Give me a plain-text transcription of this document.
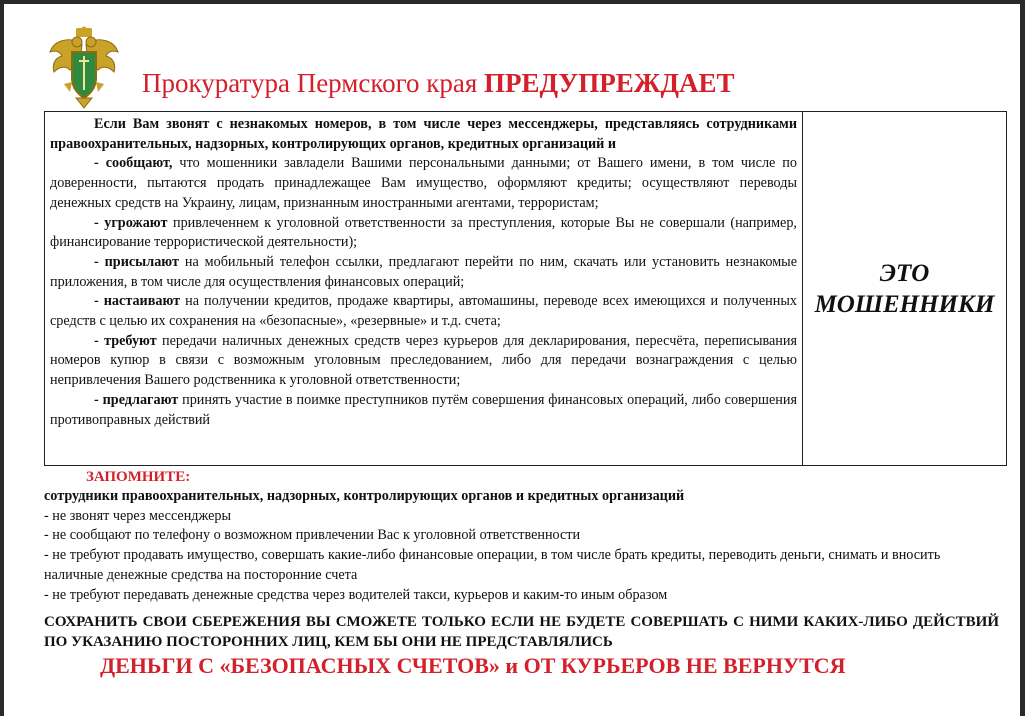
Прокуратура Пермского края ПРЕДУПРЕЖДАЕТ

Если Вам звонят с незнакомых номеров, в том числе через мессенджеры, представляясь сотрудниками правоохранительных, надзорных, контролирующих органов, кредитных организаций и

- сообщают, что мошенники завладели Вашими персональными данными; от Вашего имени, в том числе по доверенности, пытаются продать принадлежащее Вам имущество, оформляют кредиты; осуществляют переводы денежных средств на Украину, лицам, признанным иностранными агентами, террористам;

- угрожают привлеченнем к уголовной ответственности за преступления, которые Вы не совершали (например, финансирование террористической деятельности);

- присылают на мобильный телефон ссылки, предлагают перейти по ним, скачать или установить незнакомые приложения, в том числе для осуществления финансовых операций;

- настаивают на получении кредитов, продаже квартиры, автомашины, переводе всех имеющихся и полученных средств с целью их сохранения на «безопасные», «резервные» и т.д. счета;

- требуют передачи наличных денежных средств через курьеров для декларирования, пересчёта, переписывания номеров купюр в связи с возможным уголовным преследованием, либо для передачи вознаграждения с целью непривлечения Вашего родственника к уголовной ответственности;

- предлагают принять участие в поимке преступников путём совершения финансовых операций, либо совершения противоправных действий

ЭТО
МОШЕННИКИ
ЗАПОМНИТЕ:

сотрудники правоохранительных, надзорных, контролирующих органов и кредитных организаций

- не звонят через мессенджеры

- не сообщают по телефону о возможном привлечении Вас к уголовной ответственности

- не требуют продавать имущество, совершать какие-либо финансовые операции, в том числе брать кредиты, переводить деньги, снимать и вносить наличные денежные средства на посторонние счета

- не требуют передавать денежные средства через водителей такси, курьеров и каким-то иным образом

СОХРАНИТЬ СВОИ СБЕРЕЖЕНИЯ ВЫ СМОЖЕТЕ ТОЛЬКО ЕСЛИ НЕ БУДЕТЕ СОВЕРШАТЬ С НИМИ КАКИХ-ЛИБО ДЕЙСТВИЙ ПО УКАЗАНИЮ ПОСТОРОННИХ ЛИЦ, КЕМ БЫ ОНИ НЕ ПРЕДСТАВЛЯЛИСЬ
ДЕНЬГИ С «БЕЗОПАСНЫХ СЧЕТОВ» и ОТ КУРЬЕРОВ НЕ ВЕРНУТСЯ
